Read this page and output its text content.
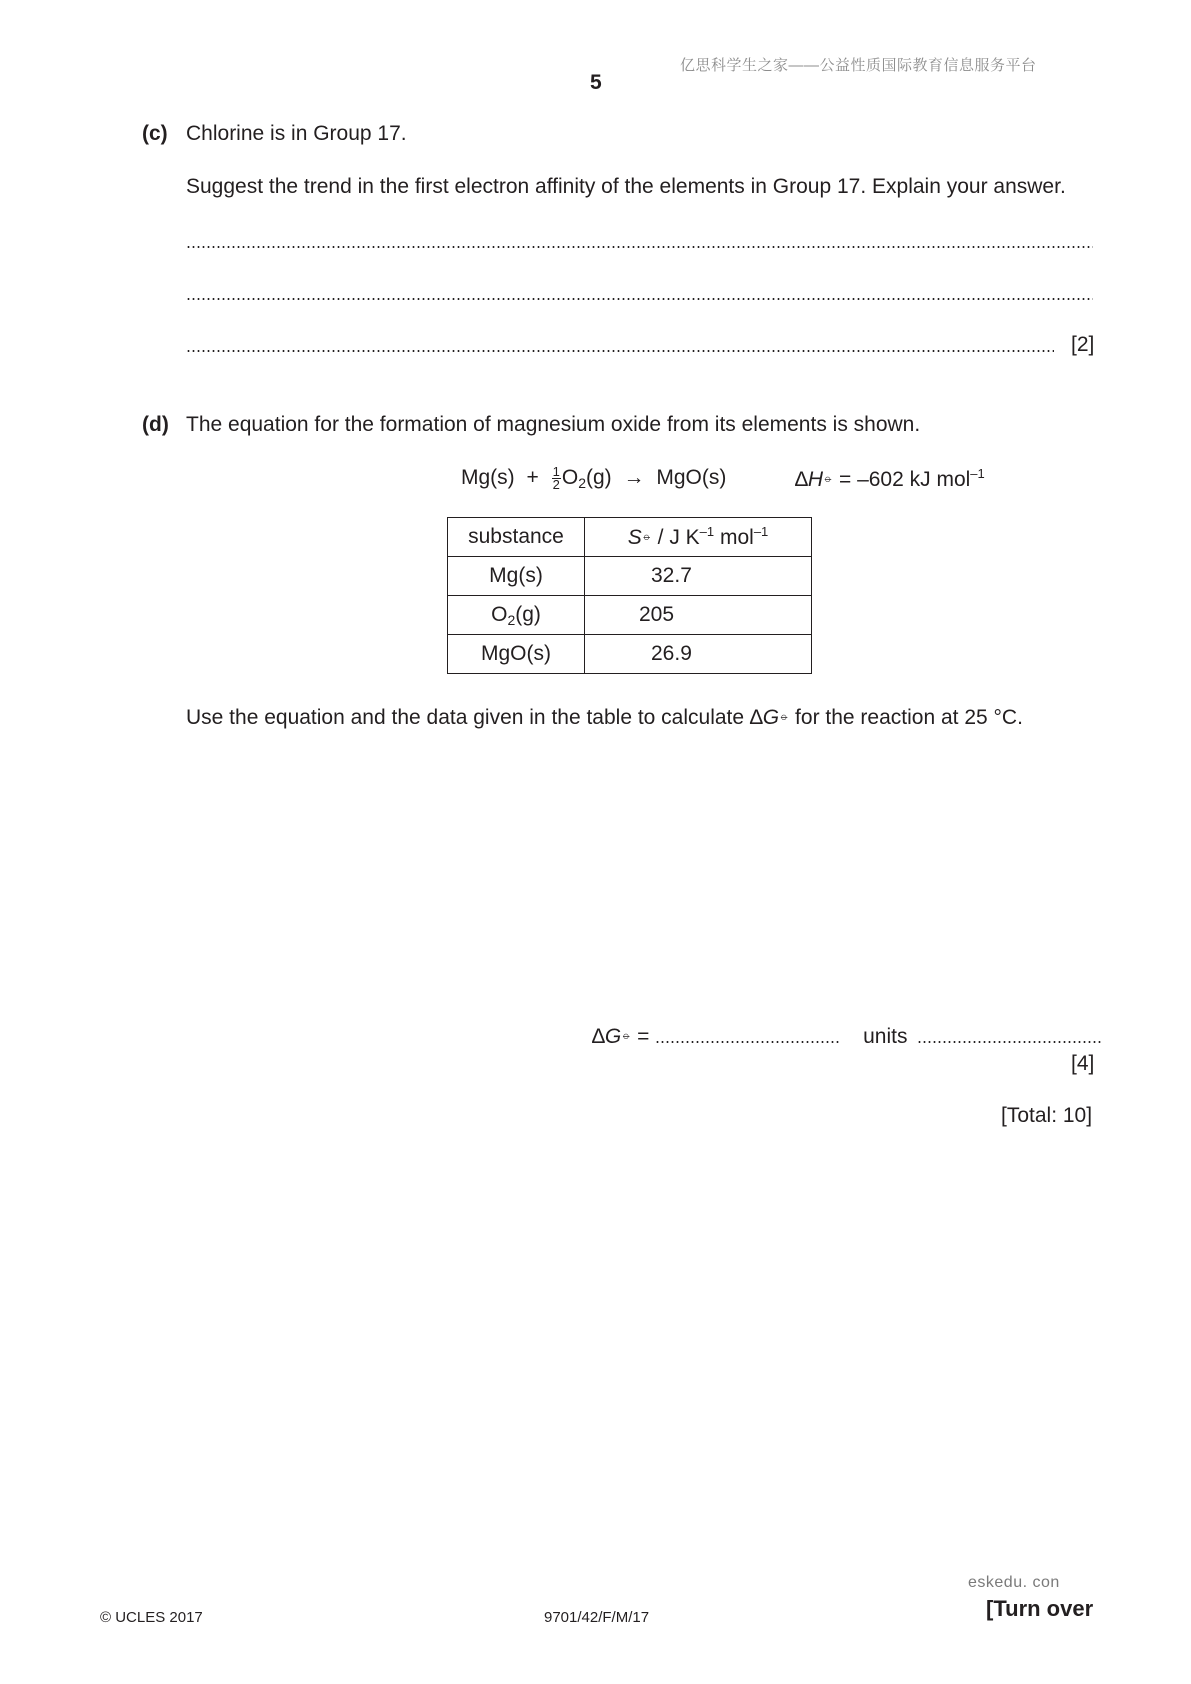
亿思科学生之家——公益性质国际教育信息服务平台
5
(c) Chlorine is in Group 17.
Suggest the trend in the first electron affinity of the elements in Group 17. Explain your answer.
[2]
(d) The equation for the formation of magnesium oxide from its elements is shown.
$Mg(s) + \frac{1}{2} O_2(g) \to MgO(s)$	∆H⦵ = –602 kJ mol$^{-1}$
substance	S⦵ / J $K^{-1}$ mol$^{-1}$
Mg(s)	32.7
$O_2(g)$	205
MgO(s)	26.9
Use the equation and the data given in the table to calculate ∆G⦵ for the reaction at 25 °C.
∆G⦵ =	units
[4]
[Total: 10]
eskedu. con
© UCLES 2017	9701/42/F/M/17	[Turn over
